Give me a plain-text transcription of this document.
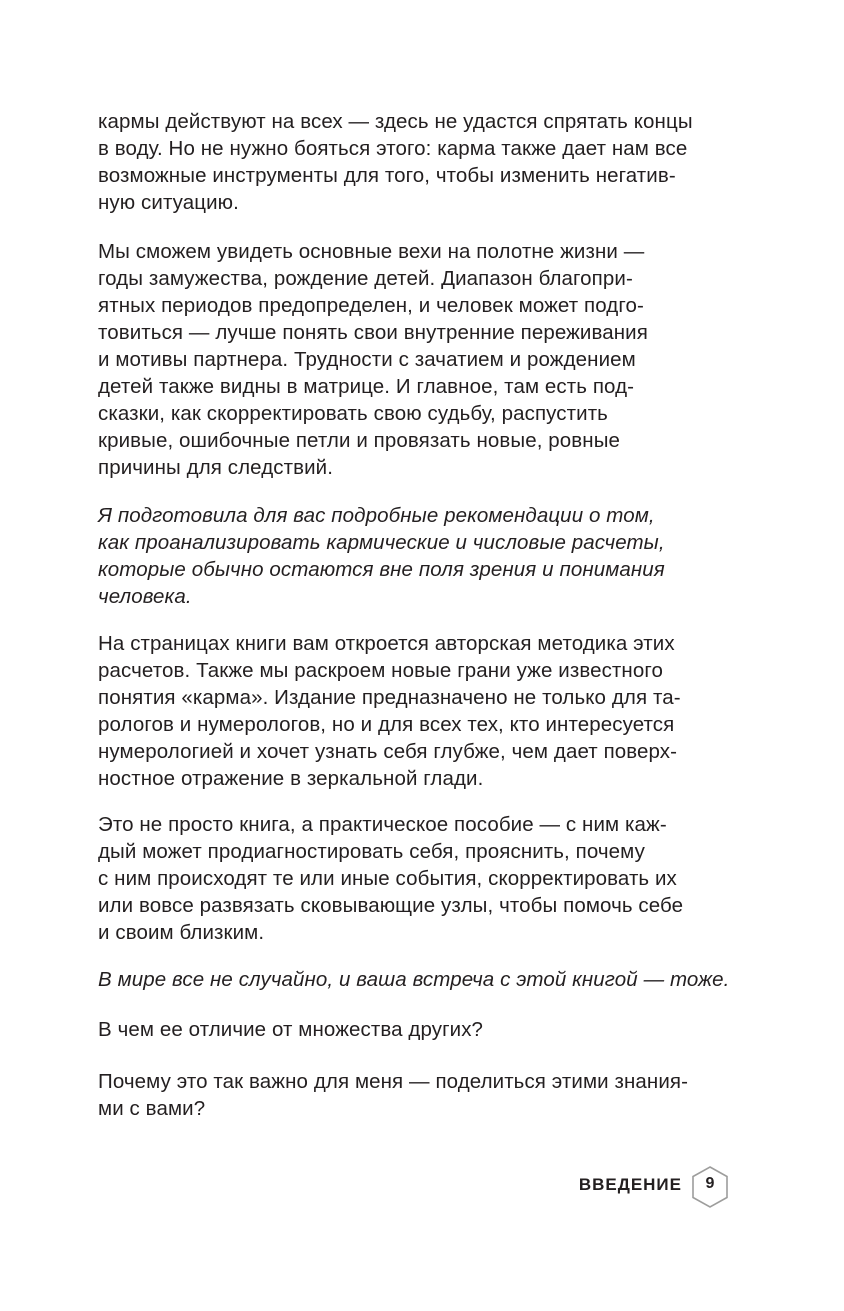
кармы действуют на всех — здесь не удастся спрятать концы
в воду. Но не нужно бояться этого: карма также дает нам все
возможные инструменты для того, чтобы изменить негатив-
ную ситуацию.
Мы сможем увидеть основные вехи на полотне жизни —
годы замужества, рождение детей. Диапазон благопри-
ятных периодов предопределен, и человек может подго-
товиться — лучше понять свои внутренние переживания
и мотивы партнера. Трудности с зачатием и рождением
детей также видны в матрице. И главное, там есть под-
сказки, как скорректировать свою судьбу, распустить
кривые, ошибочные петли и провязать новые, ровные
причины для следствий.
Я подготовила для вас подробные рекомендации о том,
как проанализировать кармические и числовые расчеты,
которые обычно остаются вне поля зрения и понимания
человека.
На страницах книги вам откроется авторская методика этих
расчетов. Также мы раскроем новые грани уже известного
понятия «карма». Издание предназначено не только для та-
рологов и нумерологов, но и для всех тех, кто интересуется
нумерологией и хочет узнать себя глубже, чем дает поверх-
ностное отражение в зеркальной глади.
Это не просто книга, а практическое пособие — с ним каж-
дый может продиагностировать себя, прояснить, почему
с ним происходят те или иные события, скорректировать их
или вовсе развязать сковывающие узлы, чтобы помочь себе
и своим близким.
В мире все не случайно, и ваша встреча с этой книгой — тоже.
В чем ее отличие от множества других?
Почему это так важно для меня — поделиться этими знания-
ми с вами?
ВВЕДЕНИЕ	9
